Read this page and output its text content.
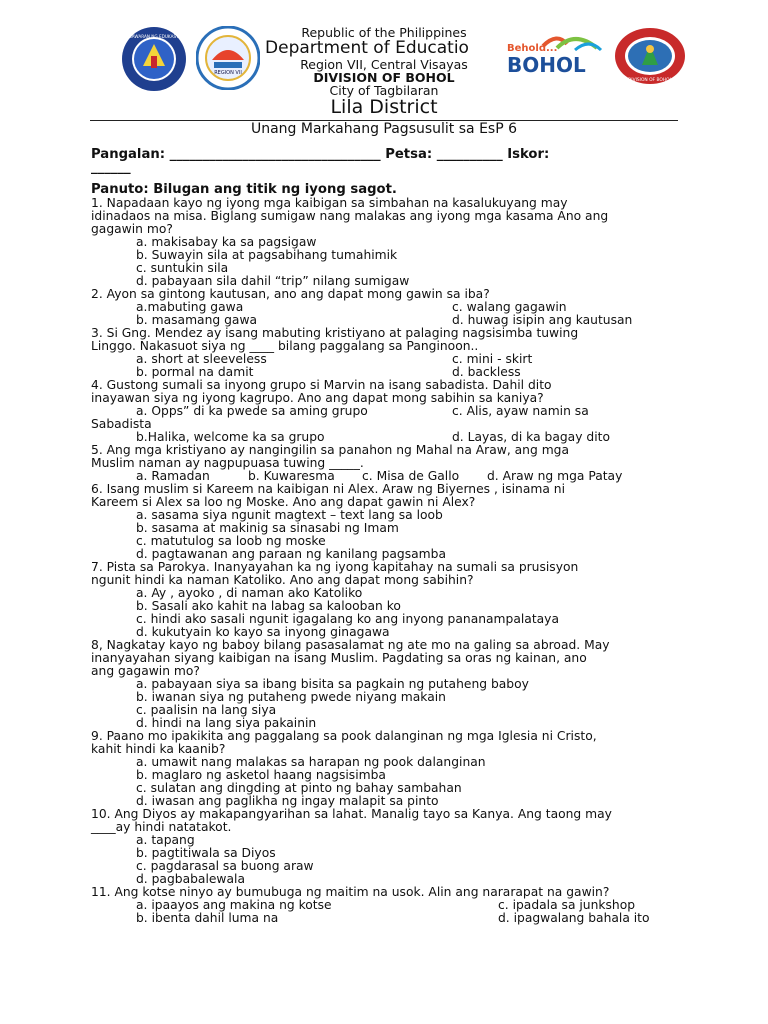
KAGAWARAN NG EDUKASYON
REGION VII
Behold...
BOHOL
DIVISION OF BOHOL
Republic of the Philippines
Department of Educatio
Region VII, Central Visayas
DIVISION OF BOHOL
City of Tagbilaran
Lila District
Unang Markahang Pagsusulit sa EsP 6
Pangalan: ________________________________ Petsa: __________ Iskor:
______
Panuto: Bilugan ang titik ng iyong sagot.
1. Napadaan kayo ng iyong mga kaibigan sa simbahan na kasalukuyang may
idinadaos na misa. Biglang sumigaw nang malakas ang iyong mga kasama Ano ang
gagawin mo?
a. makisabay ka sa pagsigaw
b. Suwayin sila at pagsabihang tumahimik
c. suntukin sila
d. pabayaan sila dahil “trip” nilang sumigaw
2. Ayon sa gintong kautusan, ano ang dapat mong gawin sa iba?
a.mabuting gawa	c. walang gagawin
b. masamang gawa	d. huwag isipin ang kautusan
3. Si Gng. Mendez ay isang mabuting kristiyano at palaging nagsisimba tuwing
Linggo. Nakasuot siya ng ____ bilang paggalang sa Panginoon..
a. short at sleeveless	c. mini - skirt
b. pormal na damit	d. backless
4. Gustong sumali sa inyong grupo si Marvin na isang sabadista. Dahil dito
inayawan siya ng iyong kagrupo. Ano ang dapat mong sabihin sa kaniya?
a. Opps” di ka pwede sa aming grupo	c. Alis, ayaw namin sa
Sabadista
b.Halika, welcome ka sa grupo	d. Layas, di ka bagay dito
5. Ang mga kristiyano ay nangingilin sa panahon ng Mahal na Araw, ang mga
Muslim naman ay nagpupuasa tuwing _____.
a. Ramadan	b. Kuwaresma c. Misa de Gallo d. Araw ng mga Patay
6. Isang muslim si Kareem na kaibigan ni Alex. Araw ng Biyernes , isinama ni
Kareem si Alex sa loo ng Moske. Ano ang dapat gawin ni Alex?
a. sasama siya ngunit magtext – text lang sa loob
b. sasama at makinig sa sinasabi ng Imam
c. matutulog sa loob ng moske
d. pagtawanan ang paraan ng kanilang pagsamba
7. Pista sa Parokya. Inanyayahan ka ng iyong kapitahay na sumali sa prusisyon
ngunit hindi ka naman Katoliko. Ano ang dapat mong sabihin?
a. Ay , ayoko , di naman ako Katoliko
b. Sasali ako kahit na labag sa kalooban ko
c. hindi ako sasali ngunit igagalang ko ang inyong pananampalataya
d. kukutyain ko kayo sa inyong ginagawa
8, Nagkatay kayo ng baboy bilang pasasalamat ng ate mo na galing sa abroad. May
inanyayahan siyang kaibigan na isang Muslim. Pagdating sa oras ng kainan, ano
ang gagawin mo?
a. pabayaan siya sa ibang bisita sa pagkain ng putaheng baboy
b. iwanan siya ng putaheng pwede niyang makain
c. paalisin na lang siya
d. hindi na lang siya pakainin
9. Paano mo ipakikita ang paggalang sa pook dalanginan ng mga Iglesia ni Cristo,
kahit hindi ka kaanib?
a. umawit nang malakas sa harapan ng pook dalanginan
b. maglaro ng asketol haang nagsisimba
c. sulatan ang dingding at pinto ng bahay sambahan
d. iwasan ang paglikha ng ingay malapit sa pinto
10. Ang Diyos ay makapangyarihan sa lahat. Manalig tayo sa Kanya. Ang taong may
____ay hindi natatakot.
a. tapang
b. pagtitiwala sa Diyos
c. pagdarasal sa buong araw
d. pagbabalewala
11. Ang kotse ninyo ay bumubuga ng maitim na usok. Alin ang nararapat na gawin?
a. ipaayos ang makina ng kotse	c. ipadala sa junkshop
b. ibenta dahil luma na	d. ipagwalang bahala ito
